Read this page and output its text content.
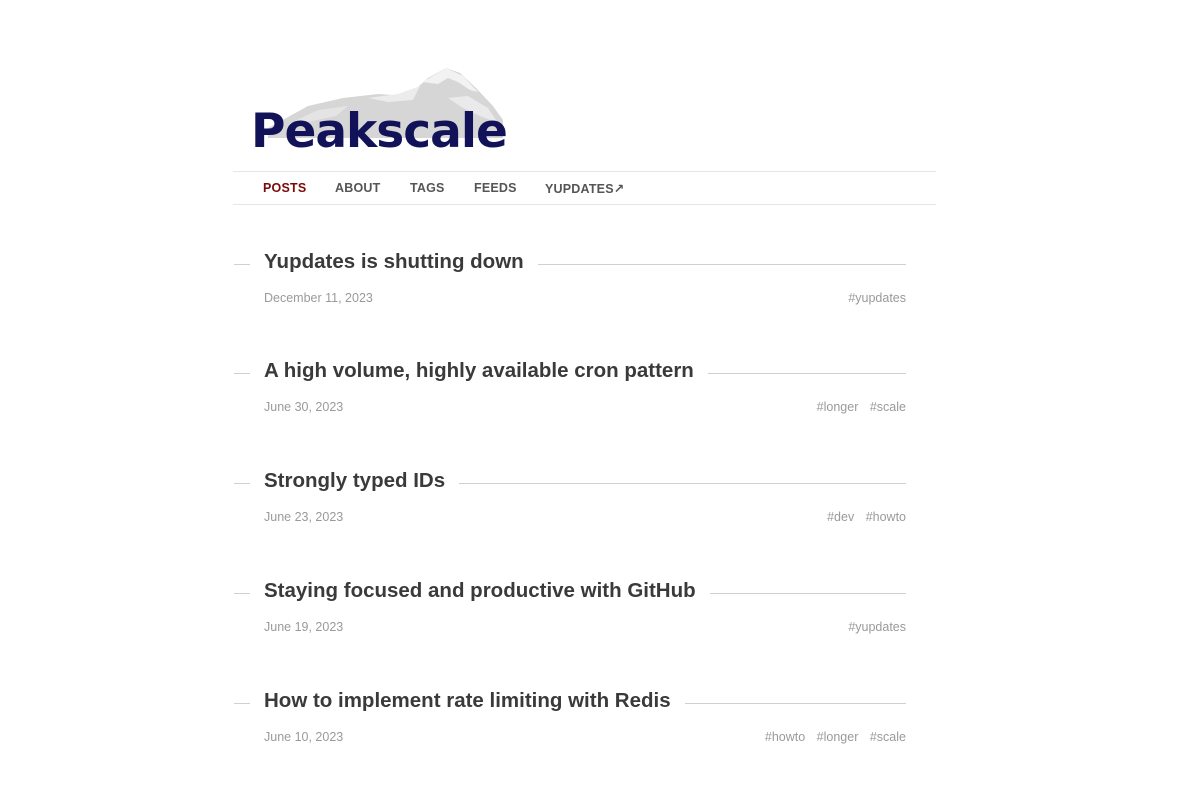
Peakscale
POSTS ABOUT TAGS FEEDS YUPDATES↗
Yupdates is shutting down
December 11, 2023	#yupdates
A high volume, highly available cron pattern
June 30, 2023	#longer #scale
Strongly typed IDs
June 23, 2023	#dev #howto
Staying focused and productive with GitHub
June 19, 2023	#yupdates
How to implement rate limiting with Redis
June 10, 2023	#howto #longer #scale
